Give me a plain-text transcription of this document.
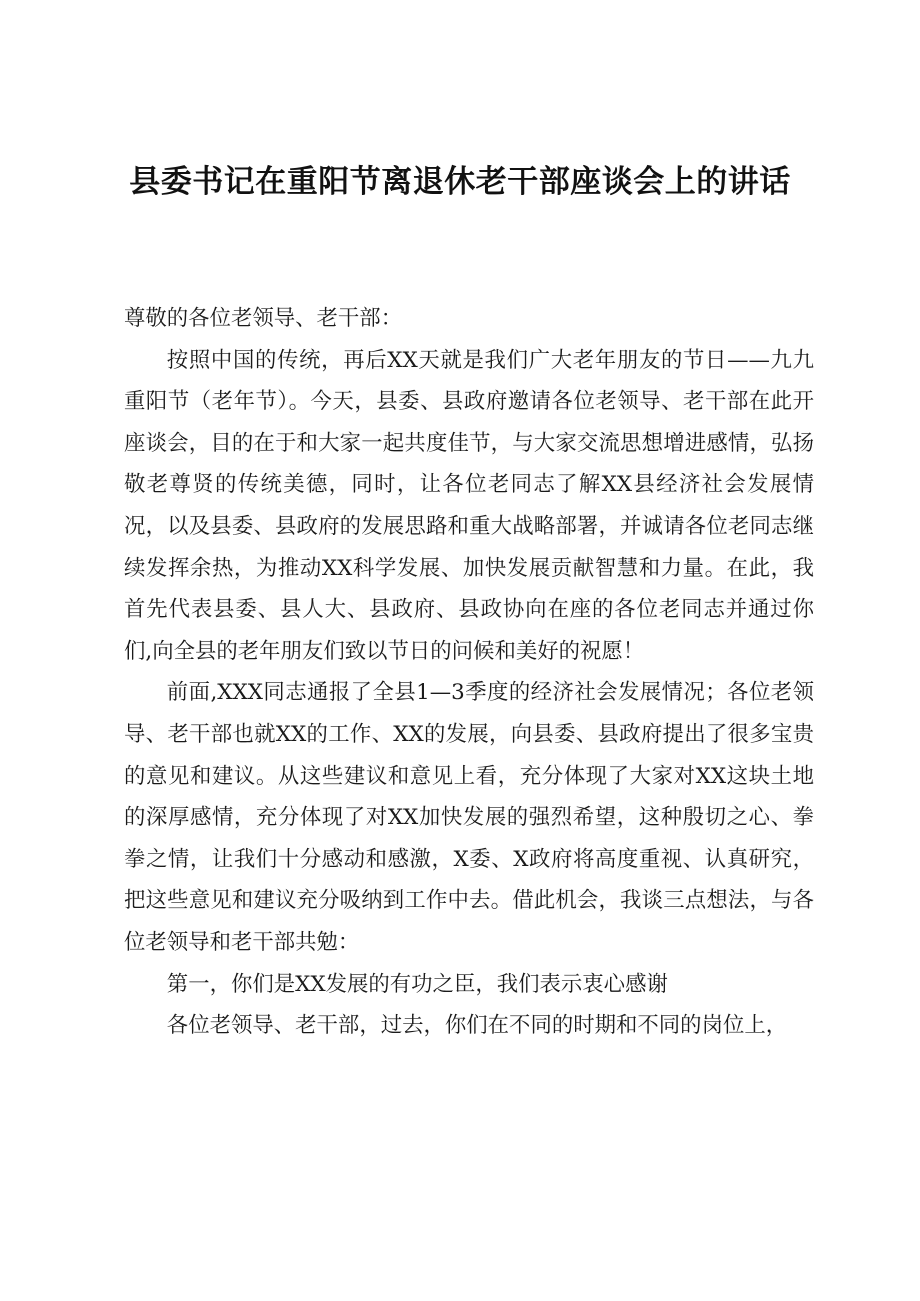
县委书记在重阳节离退休老干部座谈会上的讲话

尊敬的各位老领导、老干部：

按照中国的传统，再后XX天就是我们广大老年朋友的节日——九九重阳节（老年节）。今天，县委、县政府邀请各位老领导、老干部在此开座谈会，目的在于和大家一起共度佳节，与大家交流思想增进感情，弘扬敬老尊贤的传统美德，同时，让各位老同志了解XX县经济社会发展情况，以及县委、县政府的发展思路和重大战略部署，并诚请各位老同志继续发挥余热，为推动XX科学发展、加快发展贡献智慧和力量。在此，我首先代表县委、县人大、县政府、县政协向在座的各位老同志并通过你们,向全县的老年朋友们致以节日的问候和美好的祝愿！

前面,XXX同志通报了全县1—3季度的经济社会发展情况；各位老领导、老干部也就XX的工作、XX的发展，向县委、县政府提出了很多宝贵的意见和建议。从这些建议和意见上看，充分体现了大家对XX这块土地的深厚感情，充分体现了对XX加快发展的强烈希望，这种殷切之心、拳拳之情，让我们十分感动和感激，X委、X政府将高度重视、认真研究，把这些意见和建议充分吸纳到工作中去。借此机会，我谈三点想法，与各位老领导和老干部共勉：

第一，你们是XX发展的有功之臣，我们表示衷心感谢

各位老领导、老干部，过去，你们在不同的时期和不同的岗位上，
